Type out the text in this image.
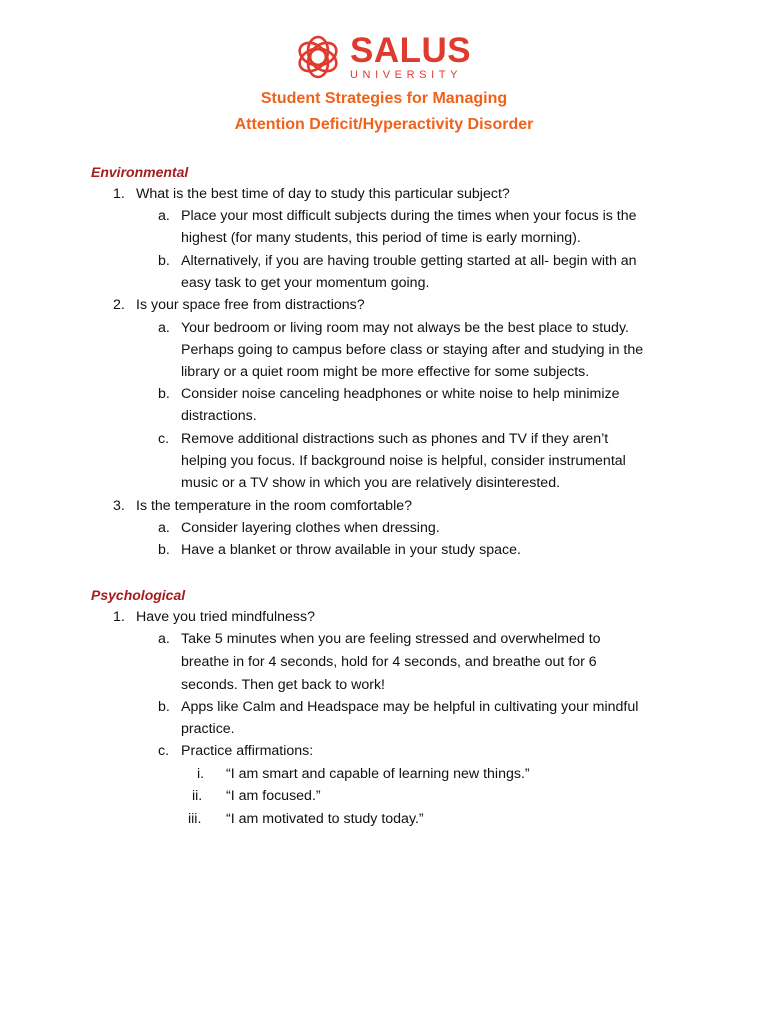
SALUS
UNIVERSITY
Student Strategies for Managing
Attention Deficit/Hyperactivity Disorder
Environmental
1. What is the best time of day to study this particular subject?
a. Place your most difficult subjects during the times when your focus is the
highest (for many students, this period of time is early morning).
b. Alternatively, if you are having trouble getting started at all- begin with an
easy task to get your momentum going.
2. Is your space free from distractions?
a. Your bedroom or living room may not always be the best place to study.
Perhaps going to campus before class or staying after and studying in the
library or a quiet room might be more effective for some subjects.
b. Consider noise canceling headphones or white noise to help minimize
distractions.
c. Remove additional distractions such as phones and TV if they aren’t
helping you focus. If background noise is helpful, consider instrumental
music or a TV show in which you are relatively disinterested.
3. Is the temperature in the room comfortable?
a. Consider layering clothes when dressing.
b. Have a blanket or throw available in your study space.
Psychological
1. Have you tried mindfulness?
a. Take 5 minutes when you are feeling stressed and overwhelmed to
breathe in for 4 seconds, hold for 4 seconds, and breathe out for 6
seconds. Then get back to work!
b. Apps like Calm and Headspace may be helpful in cultivating your mindful
practice.
c. Practice affirmations:
i. “I am smart and capable of learning new things.”
ii. “I am focused.”
iii. “I am motivated to study today.”
